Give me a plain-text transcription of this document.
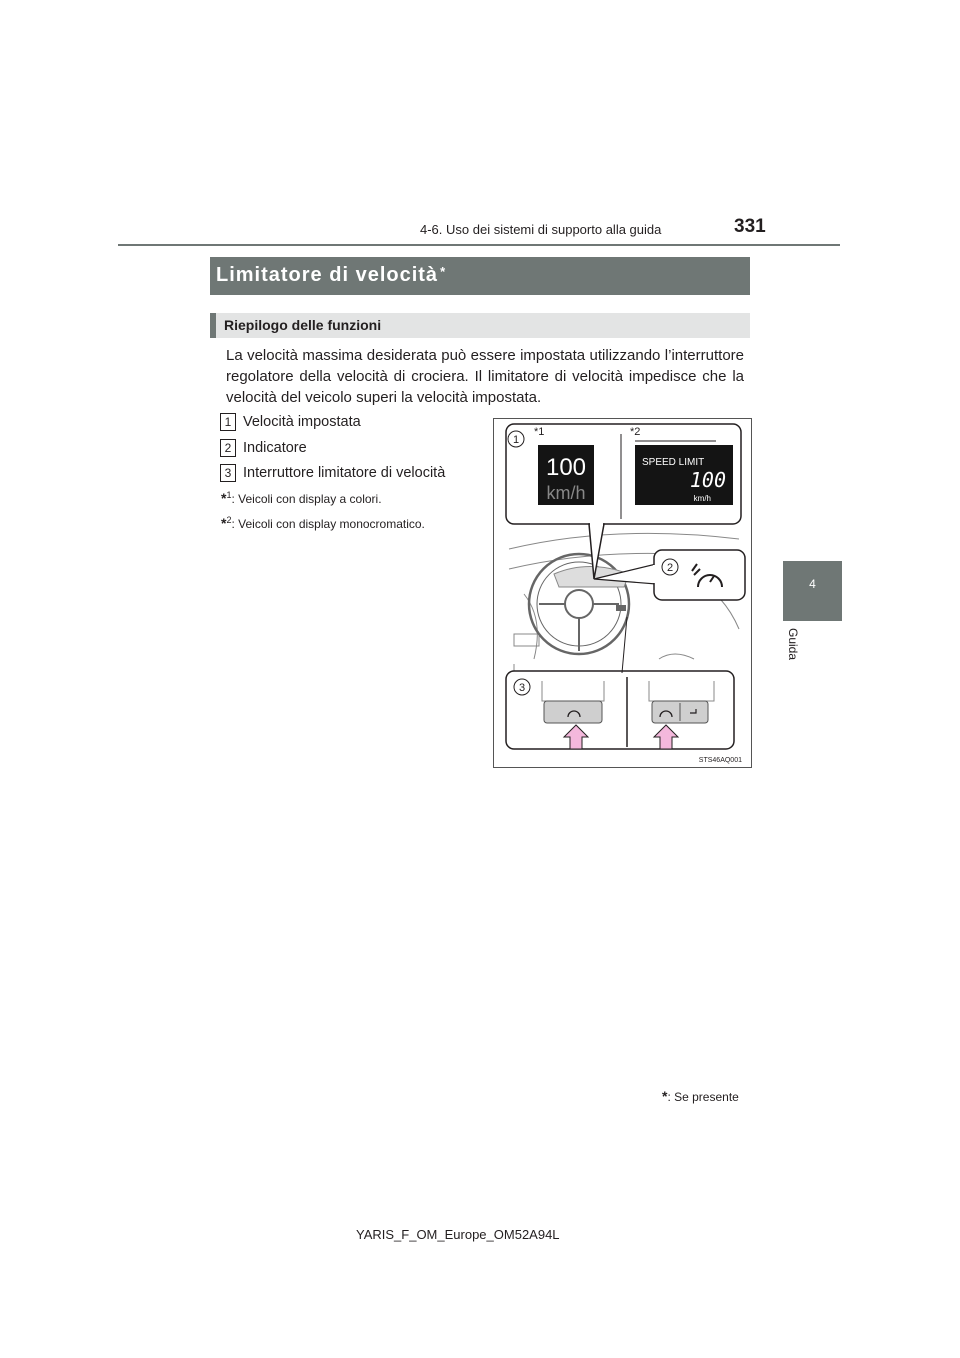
4-6. Uso dei sistemi di supporto alla guida	331
4
Guida
Limitatore di velocità *
Riepilogo delle funzioni
La velocità massima desiderata può essere impostata utilizzando l’interruttore regolatore della velocità di crociera. Il limitatore di velocità impedisce che la velocità del veicolo superi la velocità impostata.
1 Velocità impostata
2 Indicatore
3 Interruttore limitatore di velocità
*$^1$: Veicoli con display a colori.
*$^2$: Veicoli con display monocromatico.
100
km/h
SPEED LIMIT
100
km/h
1
*1	*2
2
3
STS46AQ001
*: Se presente
YARIS_F_OM_Europe_OM52A94L
